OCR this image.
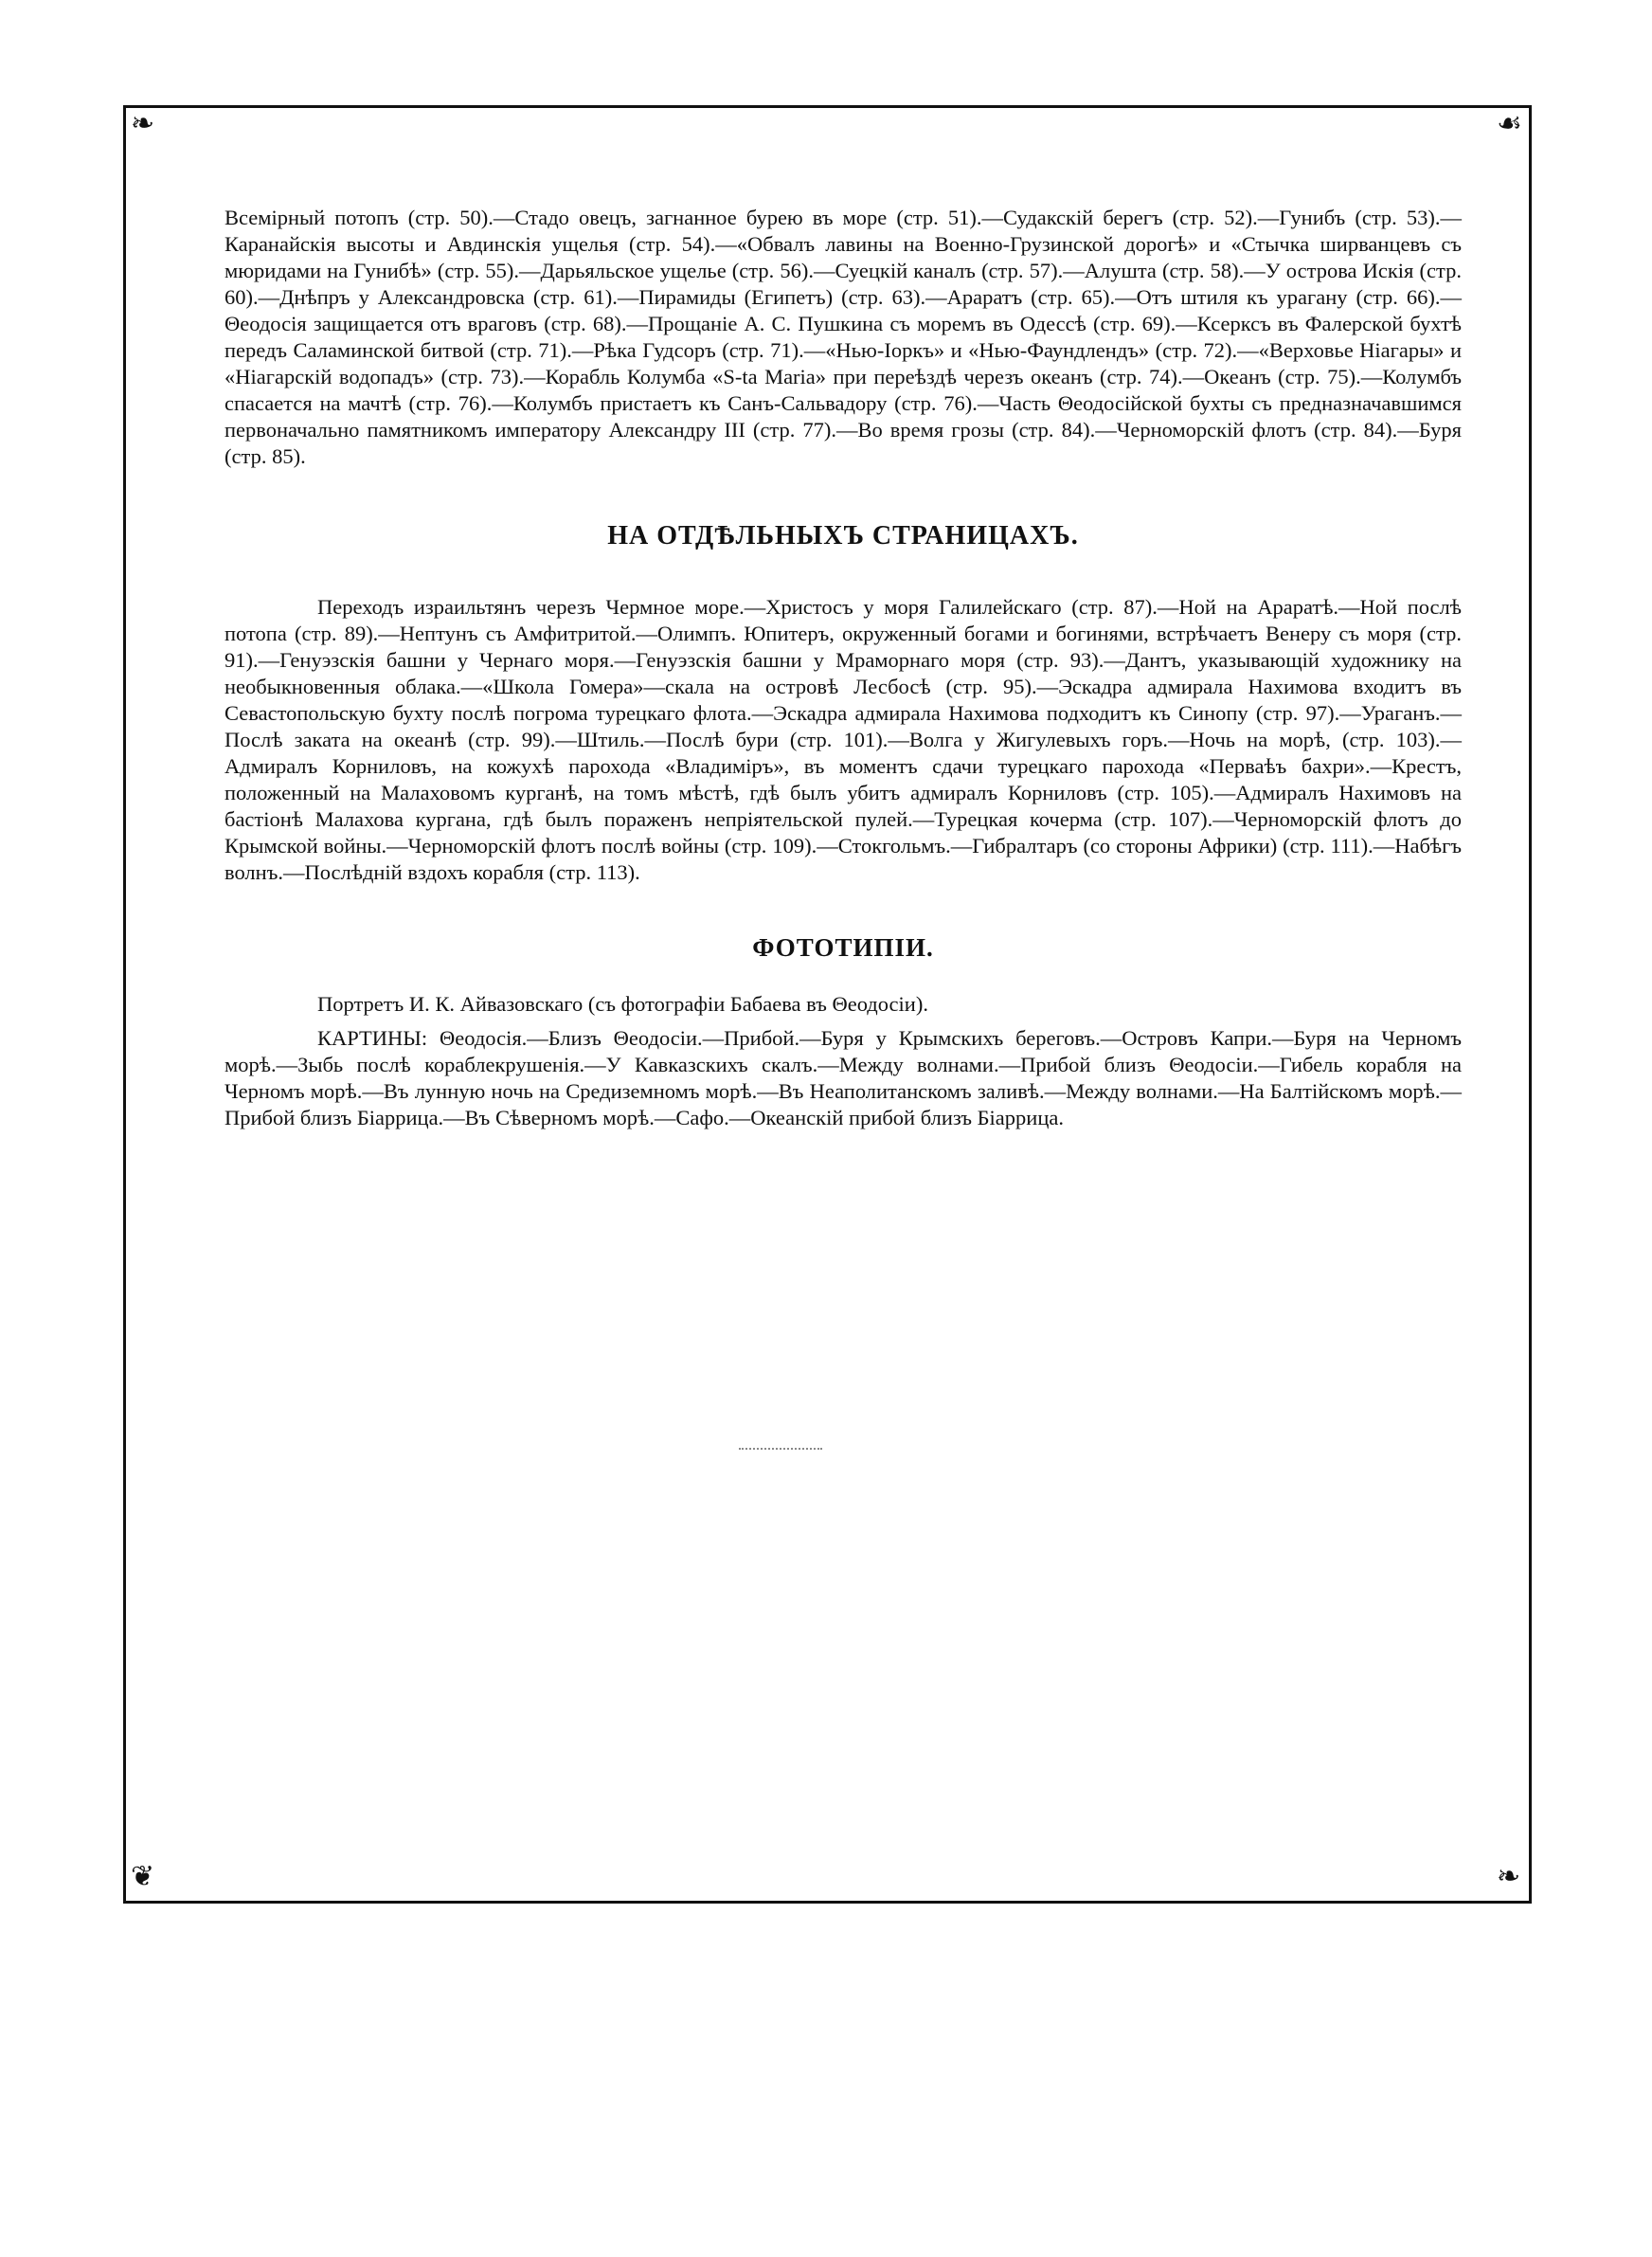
❧	☙
❦	❧

Всемірный потопъ (стр. 50).—Стадо овецъ, загнанное бурею въ море (стр. 51).—Судакскій берегъ (стр. 52).—Гунибъ (стр. 53).—Каранайскія высоты и Авдинскія ущелья (стр. 54).—«Обвалъ лавины на Военно-Грузинской дорогѣ» и «Стычка ширванцевъ съ мюридами на Гунибѣ» (стр. 55).—Дарьяльское ущелье (стр. 56).—Суецкій каналъ (стр. 57).—Алушта (стр. 58).—У острова Искія (стр. 60).—Днѣпръ у Александровска (стр. 61).—Пирамиды (Египетъ) (стр. 63).—Араратъ (стр. 65).—Отъ штиля къ урагану (стр. 66).—Θеодосія защищается отъ враговъ (стр. 68).—Прощаніе А. С. Пушкина съ моремъ въ Одессѣ (стр. 69).—Ксерксъ въ Фалерской бухтѣ передъ Саламинской битвой (стр. 71).—Рѣка Гудсоръ (стр. 71).—«Нью-Іоркъ» и «Нью-Фаундлендъ» (стр. 72).—«Верховье Ніагары» и «Ніагарскій водопадъ» (стр. 73).—Корабль Колумба «S-ta Maria» при переѣздѣ черезъ океанъ (стр. 74).—Океанъ (стр. 75).—Колумбъ спасается на мачтѣ (стр. 76).—Колумбъ пристаетъ къ Санъ-Сальвадору (стр. 76).—Часть Θеодосійской бухты съ предназначавшимся первоначально памятникомъ императору Александру III (стр. 77).—Во время грозы (стр. 84).—Черноморскій флотъ (стр. 84).—Буря (стр. 85).

НА ОТДѢЛЬНЫХЪ СТРАНИЦАХЪ.

Переходъ израильтянъ черезъ Чермное море.—Христосъ у моря Галилейскаго (стр. 87).—Ной на Араратѣ.—Ной послѣ потопа (стр. 89).—Нептунъ съ Амфитритой.—Олимпъ. Юпитеръ, окруженный богами и богинями, встрѣчаетъ Венеру съ моря (стр. 91).—Генуэзскія башни у Чернаго моря.—Генуэзскія башни у Мраморнаго моря (стр. 93).—Дантъ, указывающій художнику на необыкновенныя облака.—«Школа Гомера»—скала на островѣ Лесбосѣ (стр. 95).—Эскадра адмирала Нахимова входитъ въ Севастопольскую бухту послѣ погрома турецкаго флота.—Эскадра адмирала Нахимова подходитъ къ Синопу (стр. 97).—Ураганъ.—Послѣ заката на океанѣ (стр. 99).—Штиль.—Послѣ бури (стр. 101).—Волга у Жигулевыхъ горъ.—Ночь на морѣ, (стр. 103).—Адмиралъ Корниловъ, на кожухѣ парохода «Владиміръ», въ моментъ сдачи турецкаго парохода «Перваѣъ бахри».—Крестъ, положенный на Малаховомъ курганѣ, на томъ мѣстѣ, гдѣ былъ убитъ адмиралъ Корниловъ (стр. 105).—Адмиралъ Нахимовъ на бастіонѣ Малахова кургана, гдѣ былъ пораженъ непріятельской пулей.—Турецкая кочерма (стр. 107).—Черноморскій флотъ до Крымской войны.—Черноморскій флотъ послѣ войны (стр. 109).—Стокгольмъ.—Гибралтаръ (со стороны Африки) (стр. 111).—Набѣгъ волнъ.—Послѣдній вздохъ корабля (стр. 113).

ФОТОТИПІИ.

Портретъ И. К. Айвазовскаго (съ фотографіи Бабаева въ Θеодосіи).

КАРТИНЫ: Θеодосія.—Близъ Θеодосіи.—Прибой.—Буря у Крымскихъ береговъ.—Островъ Капри.—Буря на Черномъ морѣ.—Зыбь послѣ кораблекрушенія.—У Кавказскихъ скалъ.—Между волнами.—Прибой близъ Θеодосіи.—Гибель корабля на Черномъ морѣ.—Въ лунную ночь на Средиземномъ морѣ.—Въ Неаполитанскомъ заливѣ.—Между волнами.—На Балтійскомъ морѣ.—Прибой близъ Біаррица.—Въ Сѣверномъ морѣ.—Сафо.—Океанскій прибой близъ Біаррица.
